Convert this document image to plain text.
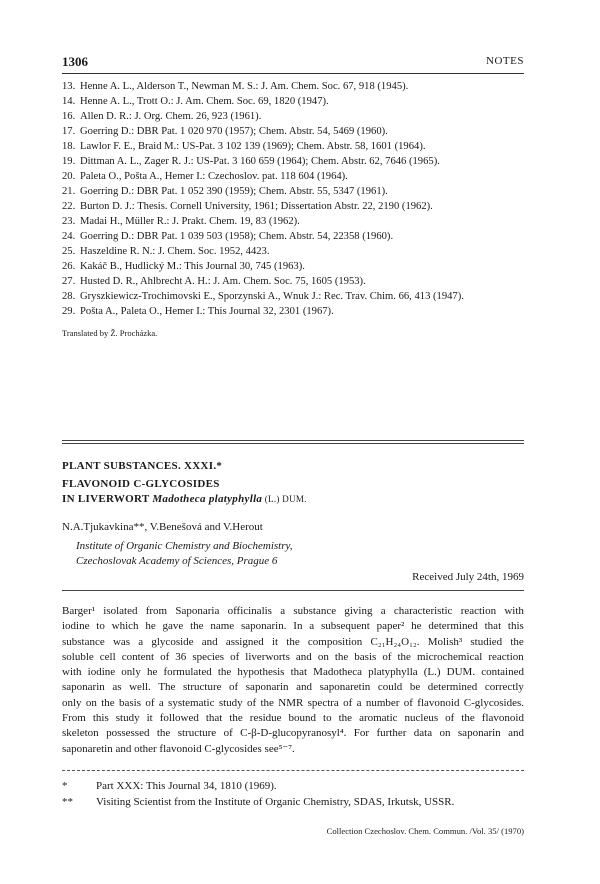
1306	NOTES
13. Henne A. L., Alderson T., Newman M. S.: J. Am. Chem. Soc. 67, 918 (1945).
14. Henne A. L., Trott O.: J. Am. Chem. Soc. 69, 1820 (1947).
16. Allen D. R.: J. Org. Chem. 26, 923 (1961).
17. Goerring D.: DBR Pat. 1 020 970 (1957); Chem. Abstr. 54, 5469 (1960).
18. Lawlor F. E., Braid M.: US-Pat. 3 102 139 (1969); Chem. Abstr. 58, 1601 (1964).
19. Dittman A. L., Zager R. J.: US-Pat. 3 160 659 (1964); Chem. Abstr. 62, 7646 (1965).
20. Paleta O., Pošta A., Hemer I.: Czechoslov. pat. 118 604 (1964).
21. Goerring D.: DBR Pat. 1 052 390 (1959); Chem. Abstr. 55, 5347 (1961).
22. Burton D. J.: Thesis. Cornell University, 1961; Dissertation Abstr. 22, 2190 (1962).
23. Madai H., Müller R.: J. Prakt. Chem. 19, 83 (1962).
24. Goerring D.: DBR Pat. 1 039 503 (1958); Chem. Abstr. 54, 22358 (1960).
25. Haszeldine R. N.: J. Chem. Soc. 1952, 4423.
26. Kakáč B., Hudlický M.: This Journal 30, 745 (1963).
27. Husted D. R., Ahlbrecht A. H.: J. Am. Chem. Soc. 75, 1605 (1953).
28. Gryszkiewicz-Trochimovski E., Sporzynski A., Wnuk J.: Rec. Trav. Chim. 66, 413 (1947).
29. Pošta A., Paleta O., Hemer I.: This Journal 32, 2301 (1967).
Translated by Ž. Procházka.
PLANT SUBSTANCES. XXXI.*
FLAVONOID C-GLYCOSIDES
IN LIVERWORT Madotheca platyphylla (L.) DUM.
N.A.Tjukavkina**, V.Benešová and V.Herout
Institute of Organic Chemistry and Biochemistry,
Czechoslovak Academy of Sciences, Prague 6
Received July 24th, 1969
Barger¹ isolated from Saponaria officinalis a substance giving a characteristic reaction with
iodine to which he gave the name saponarin. In a subsequent paper² he determined that this
substance was a glycoside and assigned it the composition C₂₁H₂₄O₁₂. Molish³ studied the
soluble cell content of 36 species of liverworts and on the basis of the microchemical reaction
with iodine only he formulated the hypothesis that Madotheca platyphylla (L.) DUM. contained
saponarin as well. The structure of saponarin and saponaretin could be determined correctly
only on the basis of a systematic study of the NMR spectra of a number of flavonoid C-glycosides.
From this study it followed that the residue bound to the aromatic nucleus of the flavonoid
skeleton possessed the structure of C-β-D-glucopyranosyl⁴. For further data on saponarin and
saponaretin and other flavonoid C-glycosides see⁵⁻⁷.
*	Part XXX: This Journal 34, 1810 (1969).
** Visiting Scientist from the Institute of Organic Chemistry, SDAS, Irkutsk, USSR.
Collection Czechoslov. Chem. Commun. /Vol. 35/ (1970)
